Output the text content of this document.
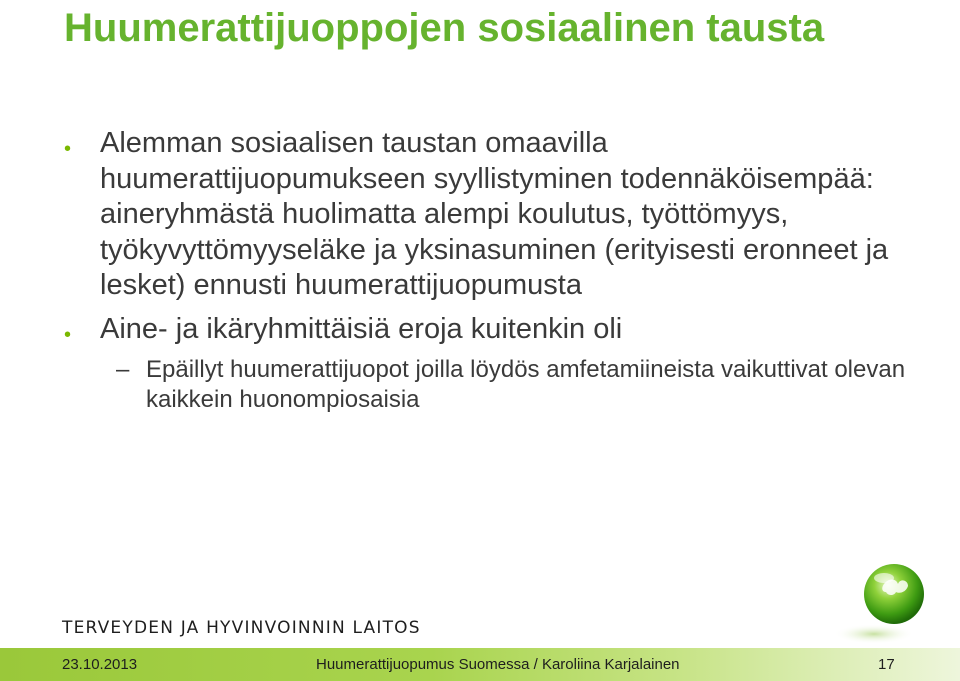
Huumerattijuoppojen sosiaalinen tausta
• Alemman sosiaalisen taustan omaavilla huumerattijuopumukseen syyllistyminen todennäköisempää: aineryhmästä huolimatta alempi koulutus, työttömyys, työkyvyttömyyseläke ja yksinasuminen (erityisesti eronneet ja lesket) ennusti huumerattijuopumusta
• Aine- ja ikäryhmittäisiä eroja kuitenkin oli
– Epäillyt huumerattijuopot joilla löydös amfetamiineista vaikuttivat olevan kaikkein huonompiosaisia
TERVEYDEN JA HYVINVOINNIN LAITOS
23.10.2013	Huumerattijuopumus Suomessa / Karoliina Karjalainen	17
